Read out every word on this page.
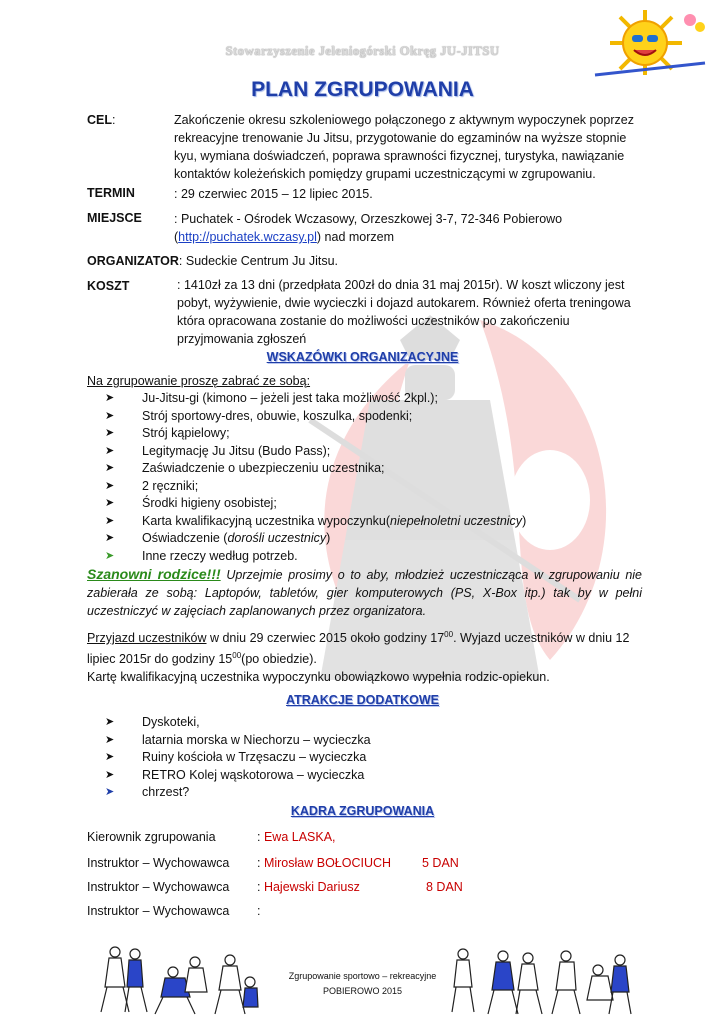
Stowarzyszenie Jeleniogórski Okręg JU-JITSU
PLAN ZGRUPOWANIA
CEL:	Zakończenie okresu szkoleniowego połączonego z aktywnym wypoczynek poprzez rekreacyjne trenowanie Ju Jitsu, przygotowanie do egzaminów na wyższe stopnie kyu, wymiana doświadczeń, poprawa sprawności fizycznej, turystyka, nawiązanie kontaktów koleżeńskich pomiędzy grupami uczestniczącymi w zgrupowaniu.
TERMIN	: 29 czerwiec 2015 – 12 lipiec 2015.
MIEJSCE	: Puchatek - Ośrodek Wczasowy, Orzeszkowej 3-7, 72-346 Pobierowo
(http://puchatek.wczasy.pl) nad morzem
ORGANIZATOR: Sudeckie Centrum Ju Jitsu.
KOSZT	: 1410zł za 13 dni (przedpłata 200zł do dnia 31 maj 2015r). W koszt wliczony jest pobyt, wyżywienie, dwie wycieczki i dojazd autokarem. Również oferta treningowa która opracowana zostanie do możliwości uczestników po zakończeniu przyjmowania zgłoszeń
WSKAZÓWKI ORGANIZACYJNE
Na zgrupowanie proszę zabrać ze sobą:
➤ Ju-Jitsu-gi (kimono – jeżeli jest taka możliwość 2kpl.);
➤ Strój sportowy-dres, obuwie, koszulka, spodenki;
➤ Strój kąpielowy;
➤ Legitymację Ju Jitsu (Budo Pass);
➤ Zaświadczenie o ubezpieczeniu uczestnika;
➤ 2 ręczniki;
➤ Środki higieny osobistej;
➤ Karta kwalifikacyjną uczestnika wypoczynku(niepełnoletni uczestnicy)
➤ Oświadczenie (dorośli uczestnicy)
➤ Inne rzeczy według potrzeb.
Szanowni rodzice!!! Uprzejmie prosimy o to aby, młodzież uczestnicząca w zgrupowaniu nie zabierała ze sobą: Laptopów, tabletów, gier komputerowych (PS, X-Box itp.) tak by w pełni uczestniczyć w zajęciach zaplanowanych przez organizatora.
Przyjazd uczestników w dniu 29 czerwiec 2015 około godziny $17^{00}$. Wyjazd uczestników w dniu 12 lipiec 2015r do godziny $15^{00}(po$ obiedzie).
Kartę kwalifikacyjną uczestnika wypoczynku obowiązkowo wypełnia rodzic-opiekun.
ATRAKCJE DODATKOWE
➤ Dyskoteki,
➤ latarnia morska w Niechorzu – wycieczka
➤ Ruiny kościoła w Trzęsaczu – wycieczka
➤ RETRO Kolej wąskotorowa – wycieczka
➤ chrzest?
KADRA ZGRUPOWANIA
Kierownik zgrupowania	: Ewa LASKA,
Instruktor – Wychowawca : Mirosław BOŁOCIUCH 5 DAN
Instruktor – Wychowawca : Hajewski Dariusz	8 DAN
Instruktor – Wychowawca :
Zgrupowanie sportowo – rekreacyjne
POBIEROWO 2015
